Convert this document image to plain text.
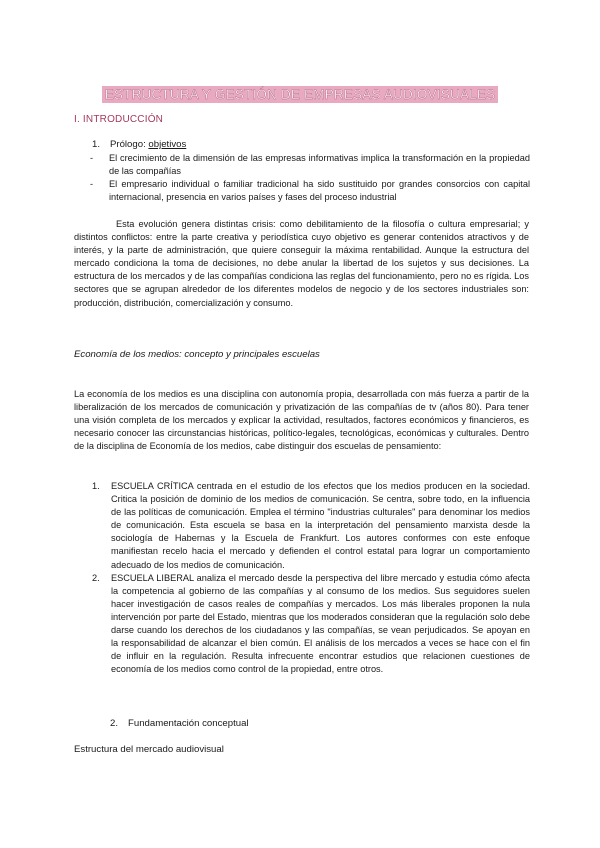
ESTRUCTURA Y GESTIÓN DE EMPRESAS AUDIOVISUALES
I. INTRODUCCIÓN
1. Prólogo: objetivos
- El crecimiento de la dimensión de las empresas informativas implica la transformación en la propiedad de las compañías
- El empresario individual o familiar tradicional ha sido sustituido por grandes consorcios con capital internacional, presencia en varios países y fases del proceso industrial
Esta evolución genera distintas crisis: como debilitamiento de la filosofía o cultura empresarial; y distintos conflictos: entre la parte creativa y periodística cuyo objetivo es generar contenidos atractivos y de interés, y la parte de administración, que quiere conseguir la máxima rentabilidad. Aunque la estructura del mercado condiciona la toma de decisiones, no debe anular la libertad de los sujetos y sus decisiones. La estructura de los mercados y de las compañías condiciona las reglas del funcionamiento, pero no es rígida. Los sectores que se agrupan alrededor de los diferentes modelos de negocio y de los sectores industriales son: producción, distribución, comercialización y consumo.
Economía de los medios: concepto y principales escuelas
La economía de los medios es una disciplina con autonomía propia, desarrollada con más fuerza a partir de la liberalización de los mercados de comunicación y privatización de las compañías de tv (años 80). Para tener una visión completa de los mercados y explicar la actividad, resultados, factores económicos y financieros, es necesario conocer las circunstancias históricas, político-legales, tecnológicas, económicas y culturales. Dentro de la disciplina de Economía de los medios, cabe distinguir dos escuelas de pensamiento:
1. ESCUELA CRÍTICA centrada en el estudio de los efectos que los medios producen en la sociedad. Critica la posición de dominio de los medios de comunicación. Se centra, sobre todo, en la influencia de las políticas de comunicación. Emplea el término "industrias culturales" para denominar los medios de comunicación. Esta escuela se basa en la interpretación del pensamiento marxista desde la sociología de Habernas y la Escuela de Frankfurt. Los autores conformes con este enfoque manifiestan recelo hacia el mercado y defienden el control estatal para lograr un comportamiento adecuado de los medios de comunicación.
2. ESCUELA LIBERAL analiza el mercado desde la perspectiva del libre mercado y estudia cómo afecta la competencia al gobierno de las compañías y al consumo de los medios. Sus seguidores suelen hacer investigación de casos reales de compañías y mercados. Los más liberales proponen la nula intervención por parte del Estado, mientras que los moderados consideran que la regulación solo debe darse cuando los derechos de los ciudadanos y las compañías, se vean perjudicados. Se apoyan en la responsabilidad de alcanzar el bien común. El análisis de los mercados a veces se hace con el fin de influir en la regulación. Resulta infrecuente encontrar estudios que relacionen cuestiones de economía de los medios como control de la propiedad, entre otros.
2. Fundamentación conceptual
Estructura del mercado audiovisual
